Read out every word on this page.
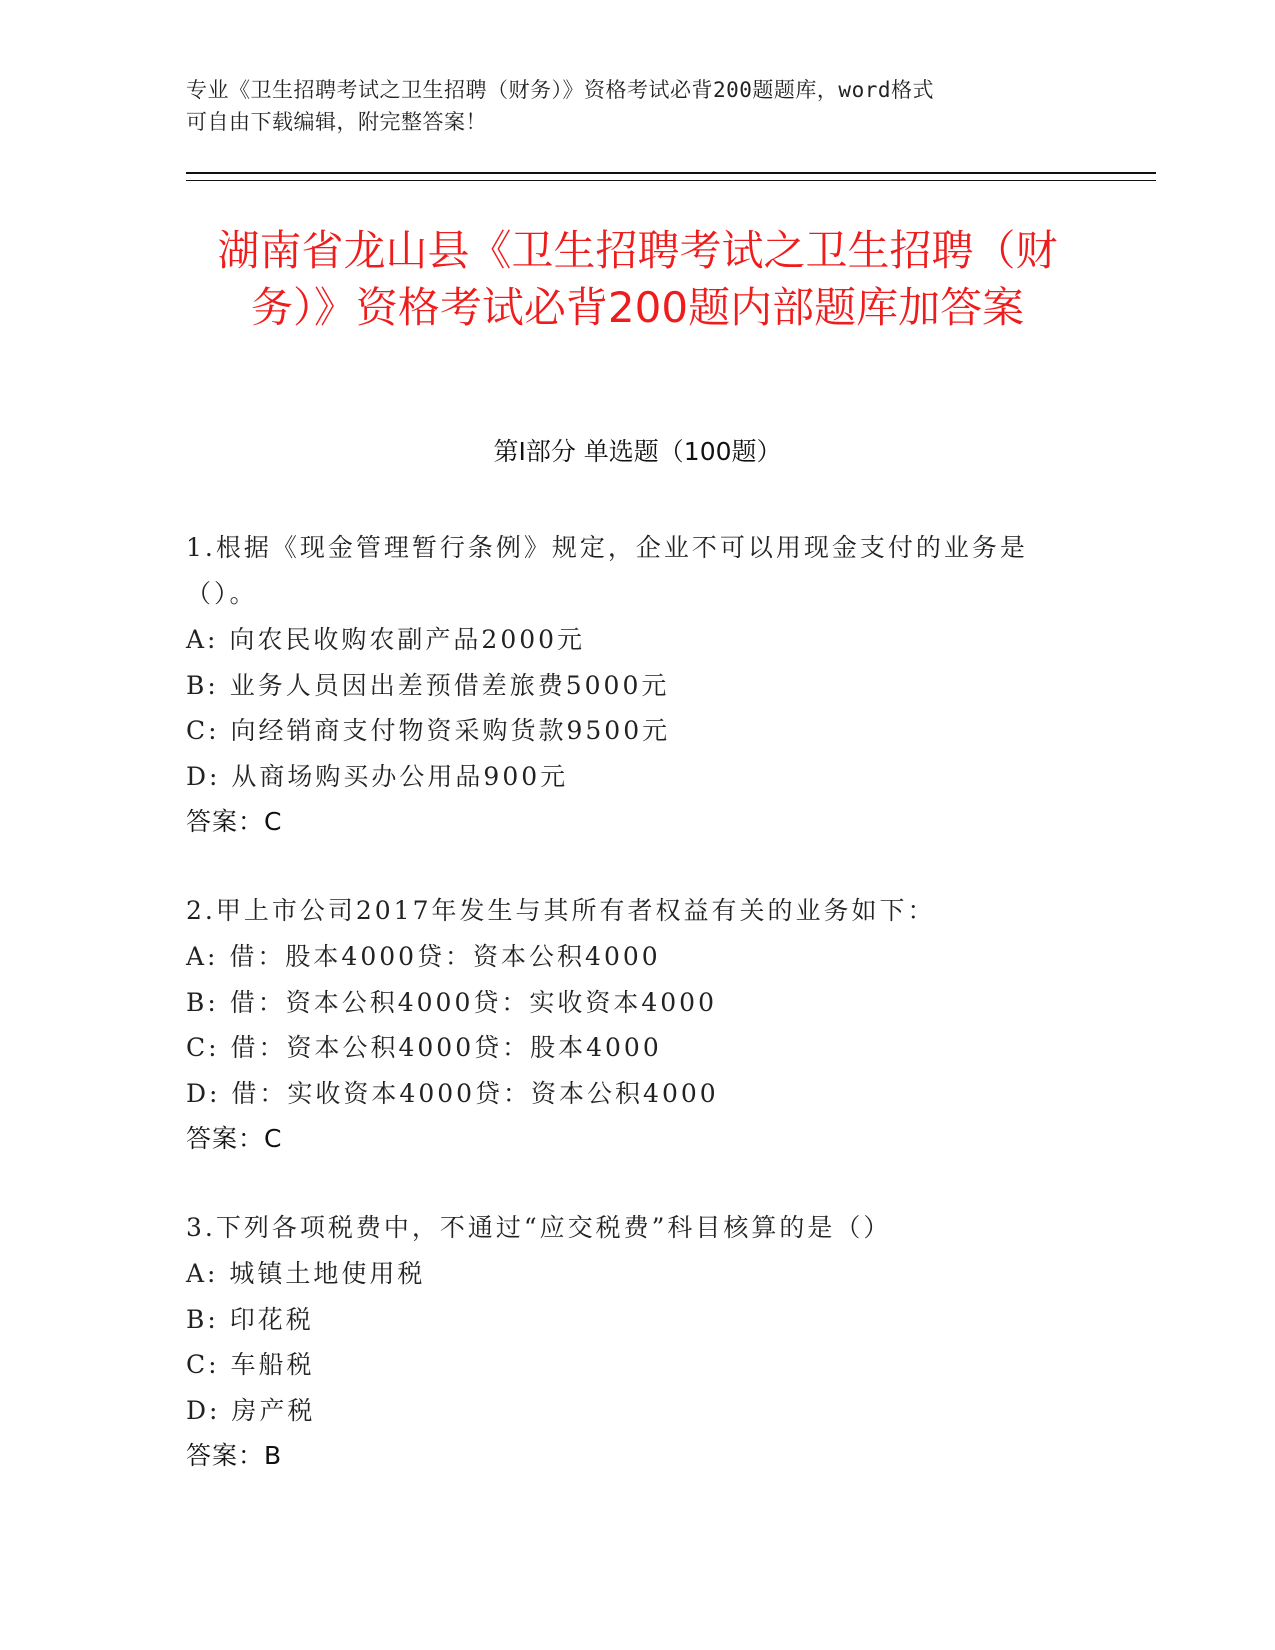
专业《卫生招聘考试之卫生招聘（财务）》资格考试必背200题题库，word格式
可自由下载编辑，附完整答案！
湖南省龙山县《卫生招聘考试之卫生招聘（财务）》资格考试必背200题内部题库加答案
第Ⅰ部分 单选题（100题）
1.根据《现金管理暂行条例》规定，企业不可以用现金支付的业务是（）。
A: 向农民收购农副产品2000元
B: 业务人员因出差预借差旅费5000元
C: 向经销商支付物资采购货款9500元
D: 从商场购买办公用品900元
答案：C
2.甲上市公司2017年发生与其所有者权益有关的业务如下：
A: 借：股本4000贷：资本公积4000
B: 借：资本公积4000贷：实收资本4000
C: 借：资本公积4000贷：股本4000
D: 借：实收资本4000贷：资本公积4000
答案：C
3.下列各项税费中，不通过“应交税费”科目核算的是（）
A: 城镇土地使用税
B: 印花税
C: 车船税
D: 房产税
答案：B
